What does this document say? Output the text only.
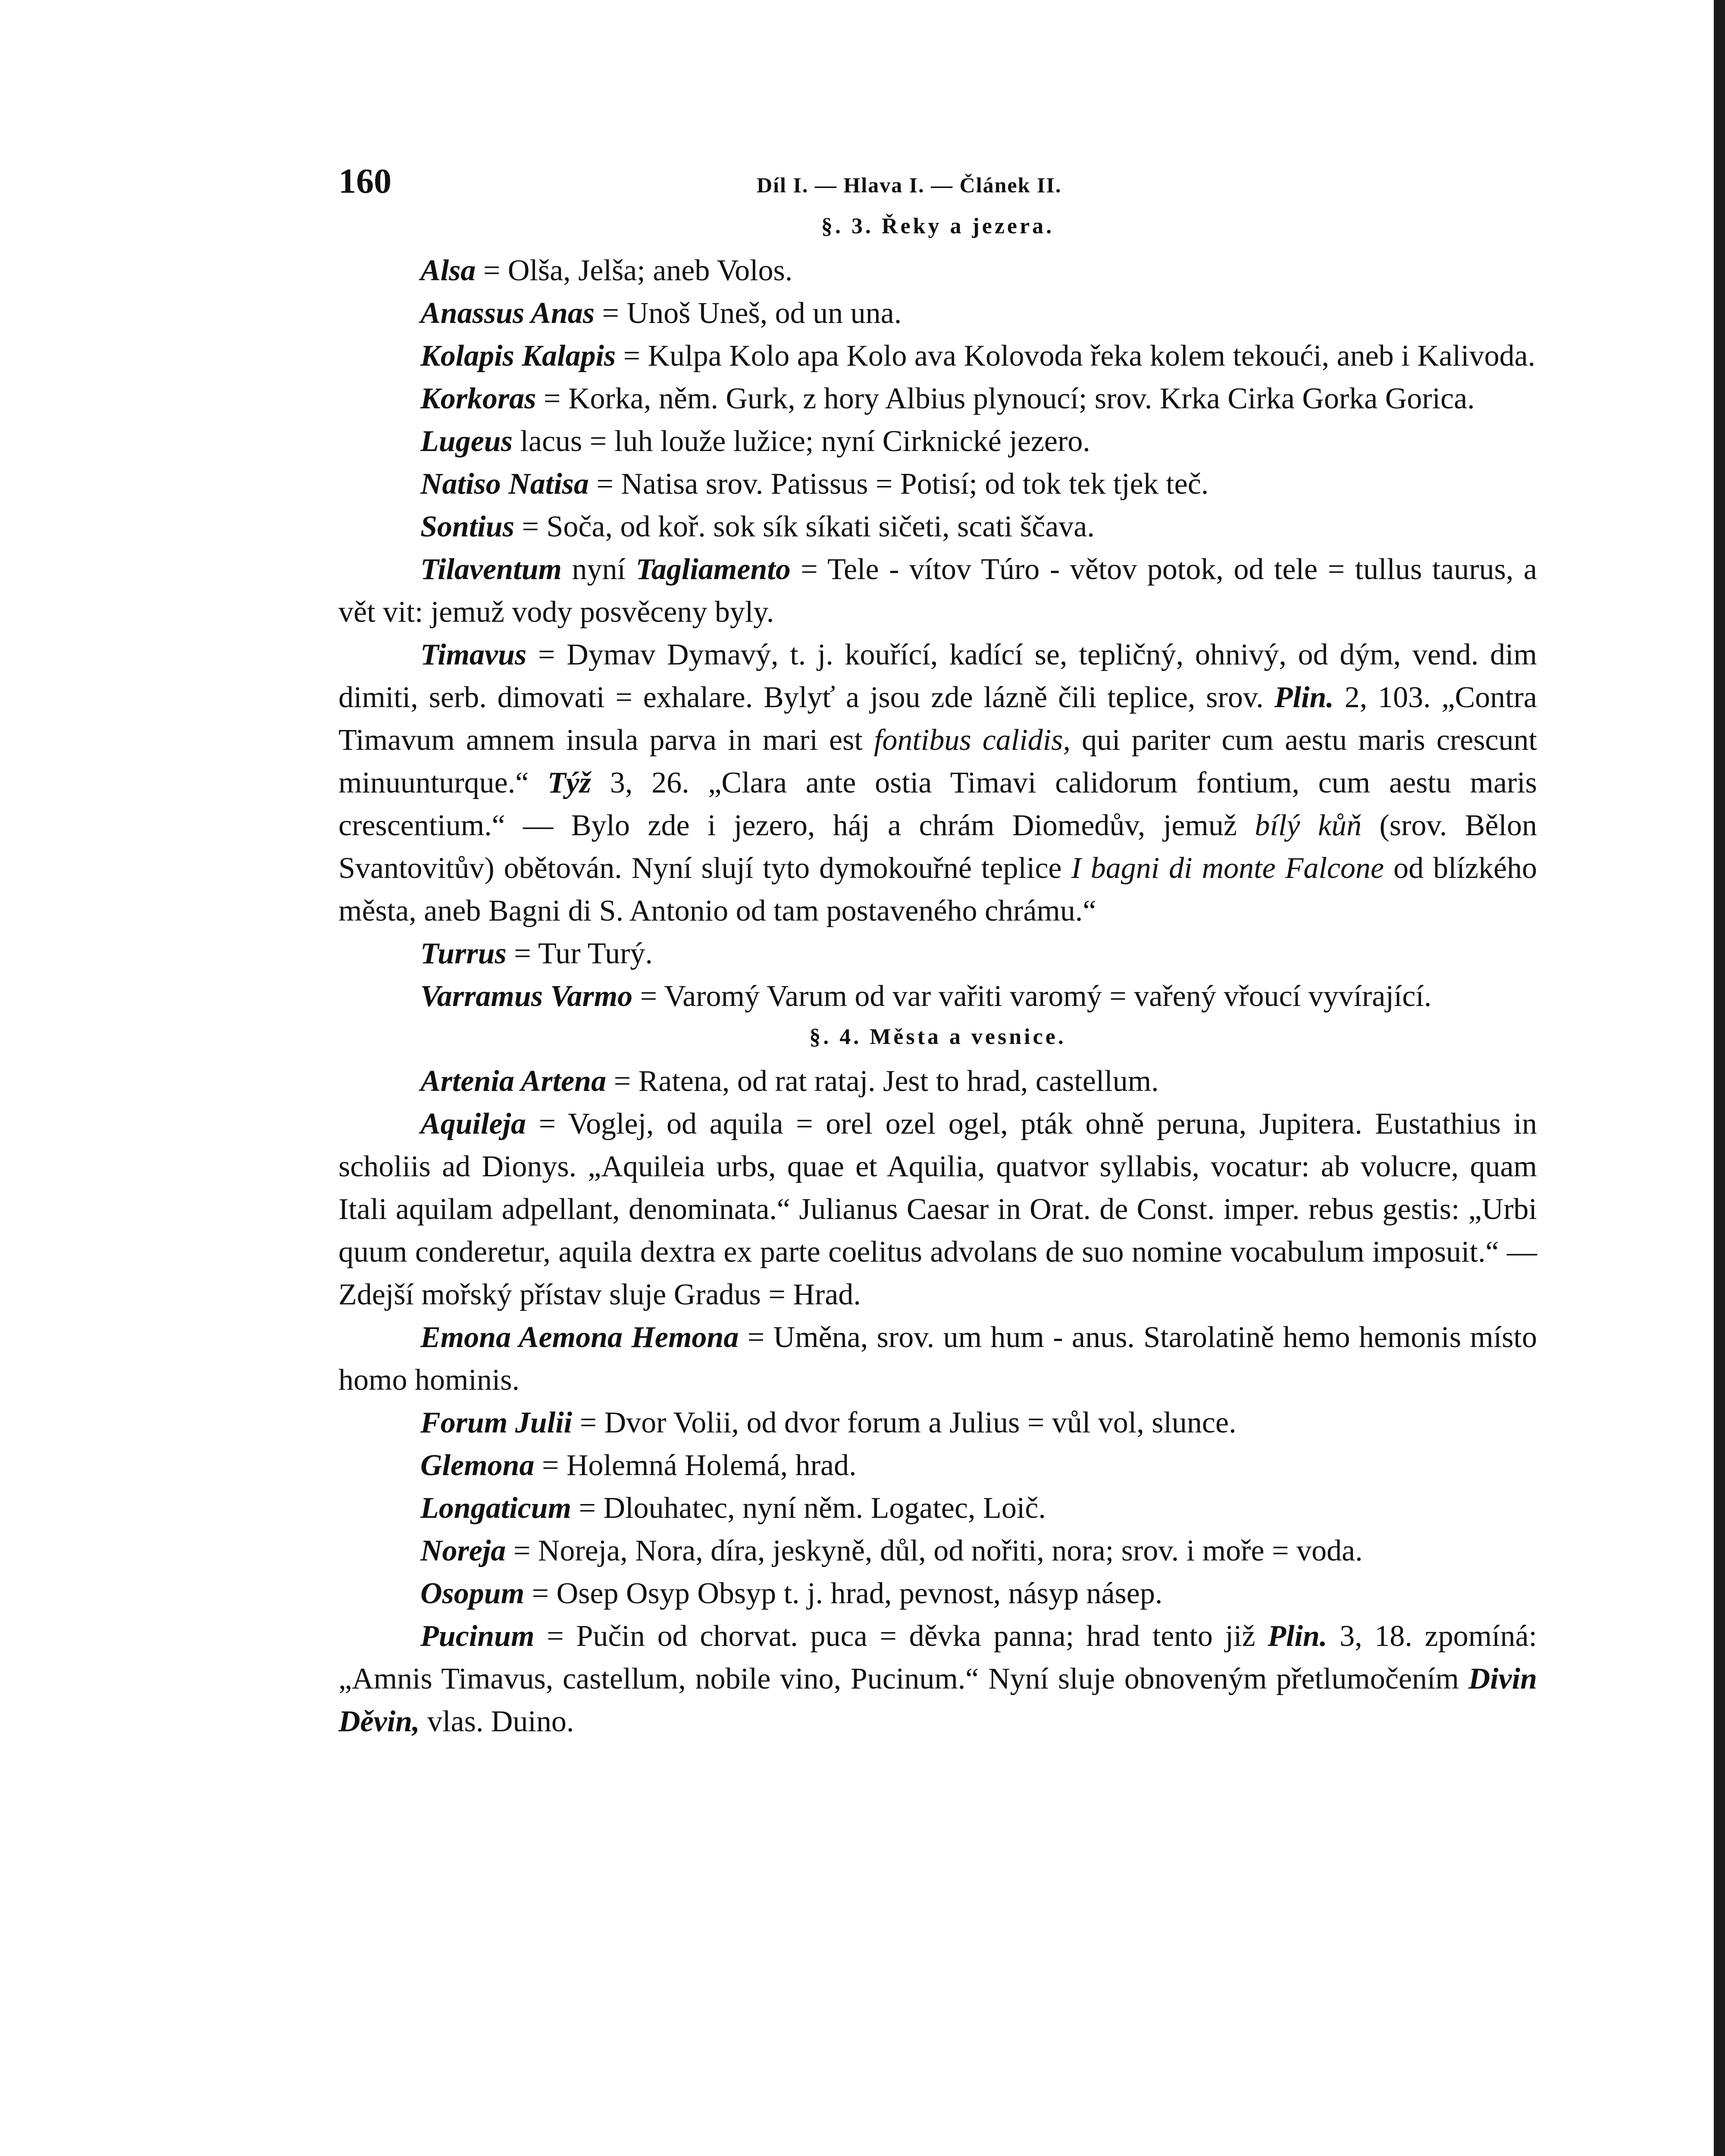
160	Díl I. — Hlava I. — Článek II.
§. 3. Řeky a jezera.

Alsa = Olša, Jelša; aneb Volos.

Anassus Anas = Unoš Uneš, od un una.

Kolapis Kalapis = Kulpa Kolo apa Kolo ava Kolovoda řeka kolem tekoući, aneb i Kalivoda.

Korkoras = Korka, něm. Gurk, z hory Albius plynoucí; srov. Krka Cirka Gorka Gorica.

Lugeus lacus = luh louže lužice; nyní Cirknické jezero.

Natiso Natisa = Natisa srov. Patissus = Potisí; od tok tek tjek teč.

Sontius = Soča, od koř. sok sík síkati sičeti, scati ščava.

Tilaventum nyní Tagliamento = Tele - vítov Túro - větov potok, od tele = tullus taurus, a vět vit: jemuž vody posvěceny byly.

Timavus = Dymav Dymavý, t. j. kouřící, kadící se, tepličný, ohnivý, od dým, vend. dim dimiti, serb. dimovati = exhalare. Bylyť a jsou zde lázně čili teplice, srov. Plin. 2, 103. „Contra Timavum amnem insula parva in mari est fontibus calidis, qui pariter cum aestu maris crescunt minuunturque.“ Týž 3, 26. „Clara ante ostia Timavi calidorum fontium, cum aestu maris crescentium.“ — Bylo zde i jezero, háj a chrám Diomedův, jemuž bílý kůň (srov. Bělon Svantovitův) obětován. Nyní slují tyto dymokouřné teplice I bagni di monte Falcone od blízkého města, aneb Bagni di S. Antonio od tam postaveného chrámu.“

Turrus = Tur Turý.

Varramus Varmo = Varomý Varum od var vařiti varomý = vařený vřoucí vyvírající.

§. 4. Města a vesnice.

Artenia Artena = Ratena, od rat rataj. Jest to hrad, castellum.

Aquileja = Voglej, od aquila = orel ozel ogel, pták ohně peruna, Jupitera. Eustathius in scholiis ad Dionys. „Aquileia urbs, quae et Aquilia, quatvor syllabis, vocatur: ab volucre, quam Itali aquilam adpellant, denominata.“ Julianus Caesar in Orat. de Const. imper. rebus gestis: „Urbi quum conderetur, aquila dextra ex parte coelitus advolans de suo nomine vocabulum imposuit.“ — Zdejší mořský přístav sluje Gradus = Hrad.

Emona Aemona Hemona = Uměna, srov. um hum - anus. Starolatině hemo hemonis místo homo hominis.

Forum Julii = Dvor Volii, od dvor forum a Julius = vůl vol, slunce.

Glemona = Holemná Holemá, hrad.

Longaticum = Dlouhatec, nyní něm. Logatec, Loič.

Noreja = Noreja, Nora, díra, jeskyně, důl, od nořiti, nora; srov. i moře = voda.

Osopum = Osep Osyp Obsyp t. j. hrad, pevnost, násyp násep.

Pucinum = Pučin od chorvat. puca = děvka panna; hrad tento již Plin. 3, 18. zpomíná: „Amnis Timavus, castellum, nobile vino, Pucinum.“ Nyní sluje obnoveným přetlumočením Divin Děvin, vlas. Duino.
